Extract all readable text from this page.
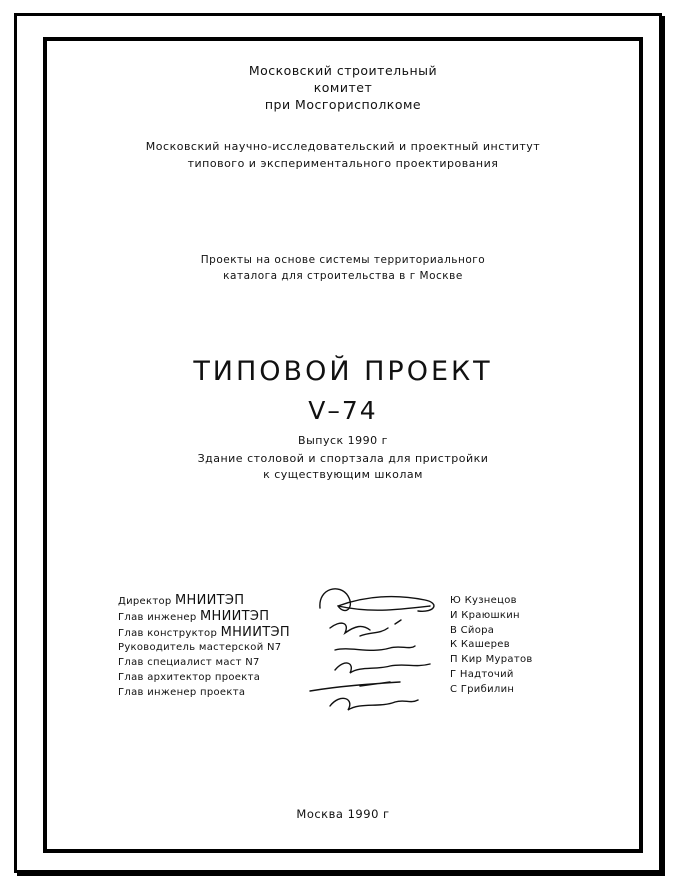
Московский строительный
комитет
при Мосгорисполкоме
Московский научно-исследовательский и проектный институт
типового и экспериментального проектирования
Проекты на основе системы территориального
каталога для строительства в г Москве
ТИПОВОЙ ПРОЕКТ
V–74
Выпуск 1990 г
Здание столовой и спортзала для пристройки
к существующим школам
Директор МНИИТЭП
Глав инженер МНИИТЭП
Глав конструктор МНИИТЭП
Руководитель мастерской N7
Глав специалист маст N7
Глав архитектор проекта
Глав инженер проекта
Ю Кузнецов
И Краюшкин
В Сйора
К Кашерев
П Кир Муратов
Г Надточий
С Грибилин
Москва 1990 г
